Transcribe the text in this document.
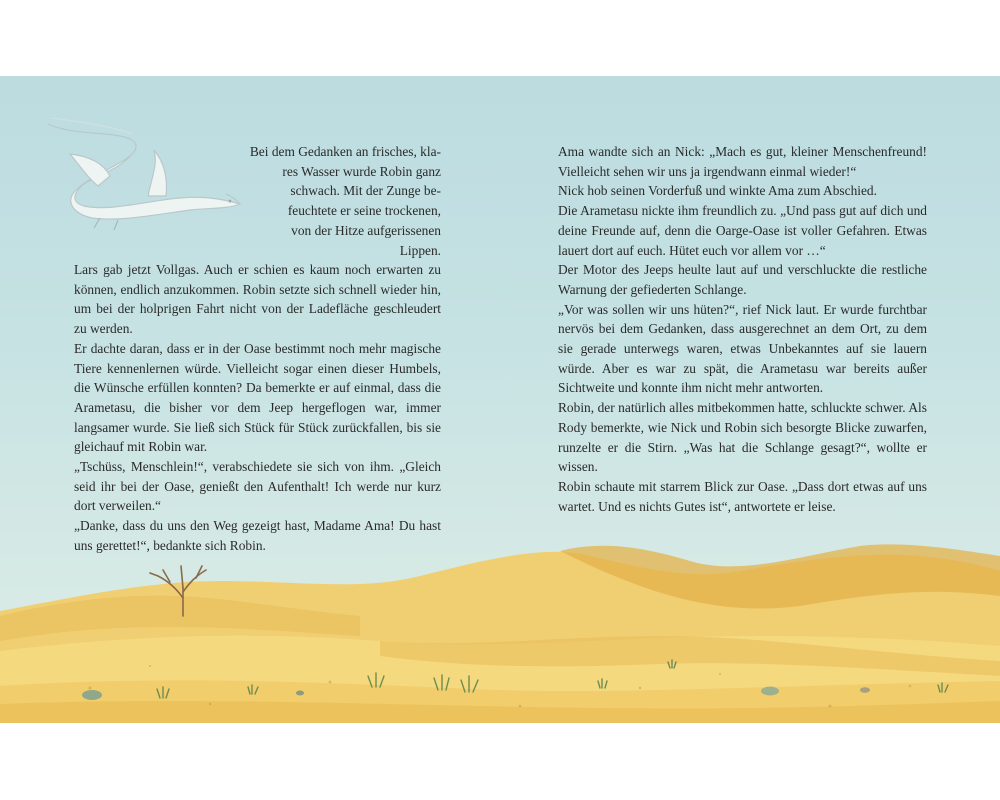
Bei dem Gedanken an frisches, kla-

res Wasser wurde Robin ganz

schwach. Mit der Zunge be-

feuchtete er seine trockenen,

von der Hitze aufgerissenen

Lippen.

Lars gab jetzt Vollgas. Auch er schien es kaum noch erwarten zu können, endlich anzukommen. Robin setzte sich schnell wieder hin, um bei der holprigen Fahrt nicht von der Ladefläche geschleudert zu werden.

Er dachte daran, dass er in der Oase bestimmt noch mehr magische Tiere kennenlernen würde. Vielleicht sogar einen dieser Humbels, die Wünsche erfüllen konnten? Da bemerkte er auf einmal, dass die Arametasu, die bisher vor dem Jeep hergeflogen war, immer langsamer wurde. Sie ließ sich Stück für Stück zurückfallen, bis sie gleichauf mit Robin war.

„Tschüss, Menschlein!“, verabschiedete sie sich von ihm. „Gleich seid ihr bei der Oase, genießt den Aufenthalt! Ich werde nur kurz dort verweilen.“

„Danke, dass du uns den Weg gezeigt hast, Madame Ama! Du hast uns gerettet!“, bedankte sich Robin.

Ama wandte sich an Nick: „Mach es gut, kleiner Menschenfreund! Vielleicht sehen wir uns ja irgendwann einmal wieder!“

Nick hob seinen Vorderfuß und winkte Ama zum Abschied.

Die Arametasu nickte ihm freundlich zu. „Und pass gut auf dich und deine Freunde auf, denn die Oarge-Oase ist voller Gefahren. Etwas lauert dort auf euch. Hütet euch vor allem vor …“

Der Motor des Jeeps heulte laut auf und verschluckte die restliche Warnung der gefiederten Schlange.

„Vor was sollen wir uns hüten?“, rief Nick laut. Er wurde furchtbar nervös bei dem Gedanken, dass ausgerechnet an dem Ort, zu dem sie gerade unterwegs waren, etwas Unbekanntes auf sie lauern würde. Aber es war zu spät, die Arametasu war bereits außer Sichtweite und konnte ihm nicht mehr antworten.

Robin, der natürlich alles mitbekommen hatte, schluckte schwer. Als Rody bemerkte, wie Nick und Robin sich besorgte Blicke zuwarfen, runzelte er die Stirn. „Was hat die Schlange gesagt?“, wollte er wissen.

Robin schaute mit starrem Blick zur Oase. „Dass dort etwas auf uns wartet. Und es nichts Gutes ist“, antwortete er leise.
